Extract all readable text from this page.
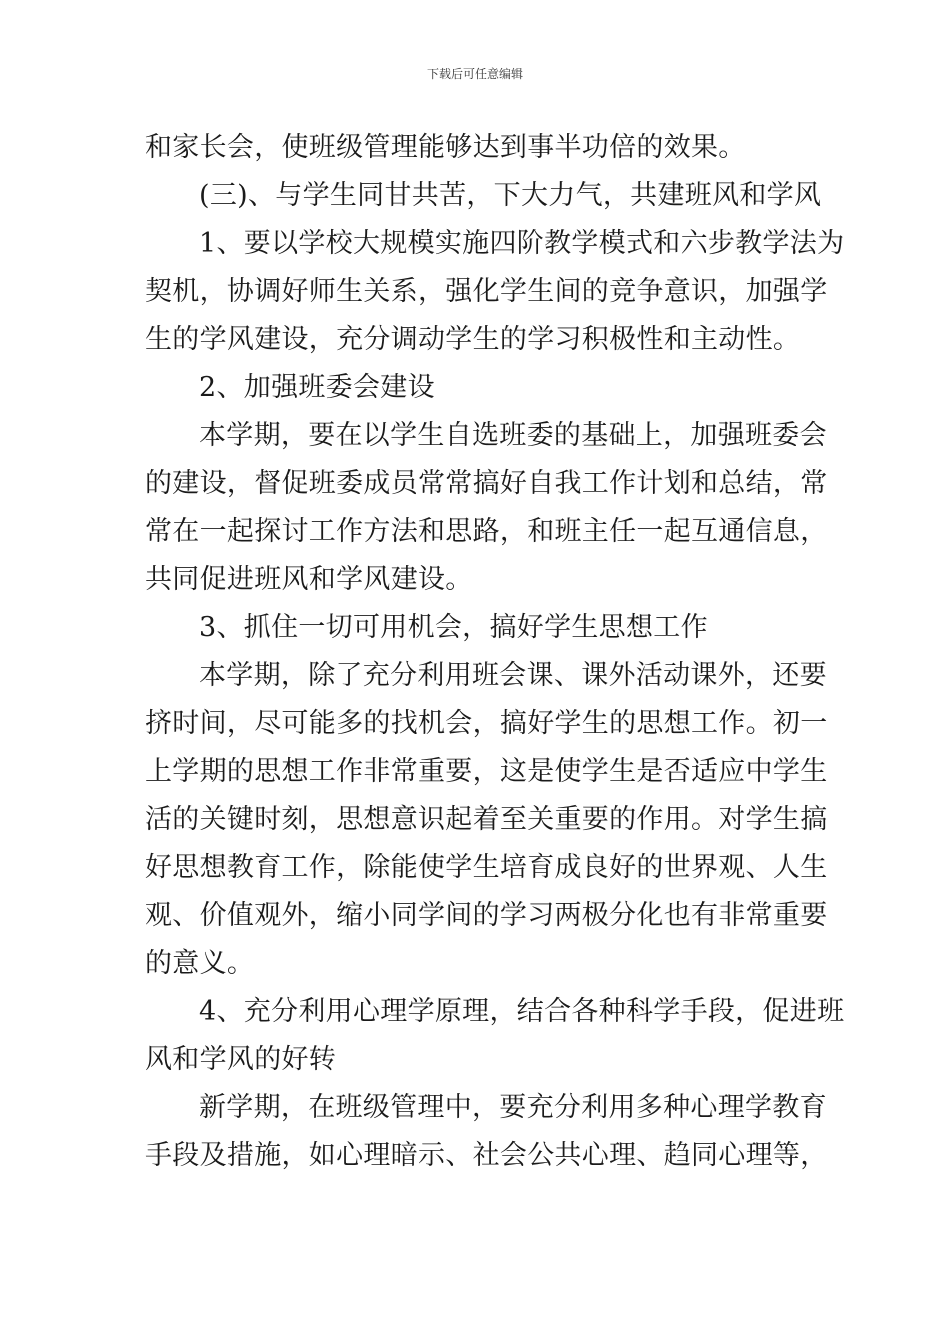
下载后可任意编辑
和家长会，使班级管理能够达到事半功倍的效果。
(三)、与学生同甘共苦，下大力气，共建班风和学风
1、要以学校大规模实施四阶教学模式和六步教学法为
契机，协调好师生关系，强化学生间的竞争意识，加强学
生的学风建设，充分调动学生的学习积极性和主动性。
2、加强班委会建设
本学期，要在以学生自选班委的基础上，加强班委会
的建设，督促班委成员常常搞好自我工作计划和总结，常
常在一起探讨工作方法和思路，和班主任一起互通信息，
共同促进班风和学风建设。
3、抓住一切可用机会，搞好学生思想工作
本学期，除了充分利用班会课、课外活动课外，还要
挤时间，尽可能多的找机会，搞好学生的思想工作。初一
上学期的思想工作非常重要，这是使学生是否适应中学生
活的关键时刻，思想意识起着至关重要的作用。对学生搞
好思想教育工作，除能使学生培育成良好的世界观、人生
观、价值观外，缩小同学间的学习两极分化也有非常重要
的意义。
4、充分利用心理学原理，结合各种科学手段，促进班
风和学风的好转
新学期，在班级管理中，要充分利用多种心理学教育
手段及措施，如心理暗示、社会公共心理、趋同心理等，
